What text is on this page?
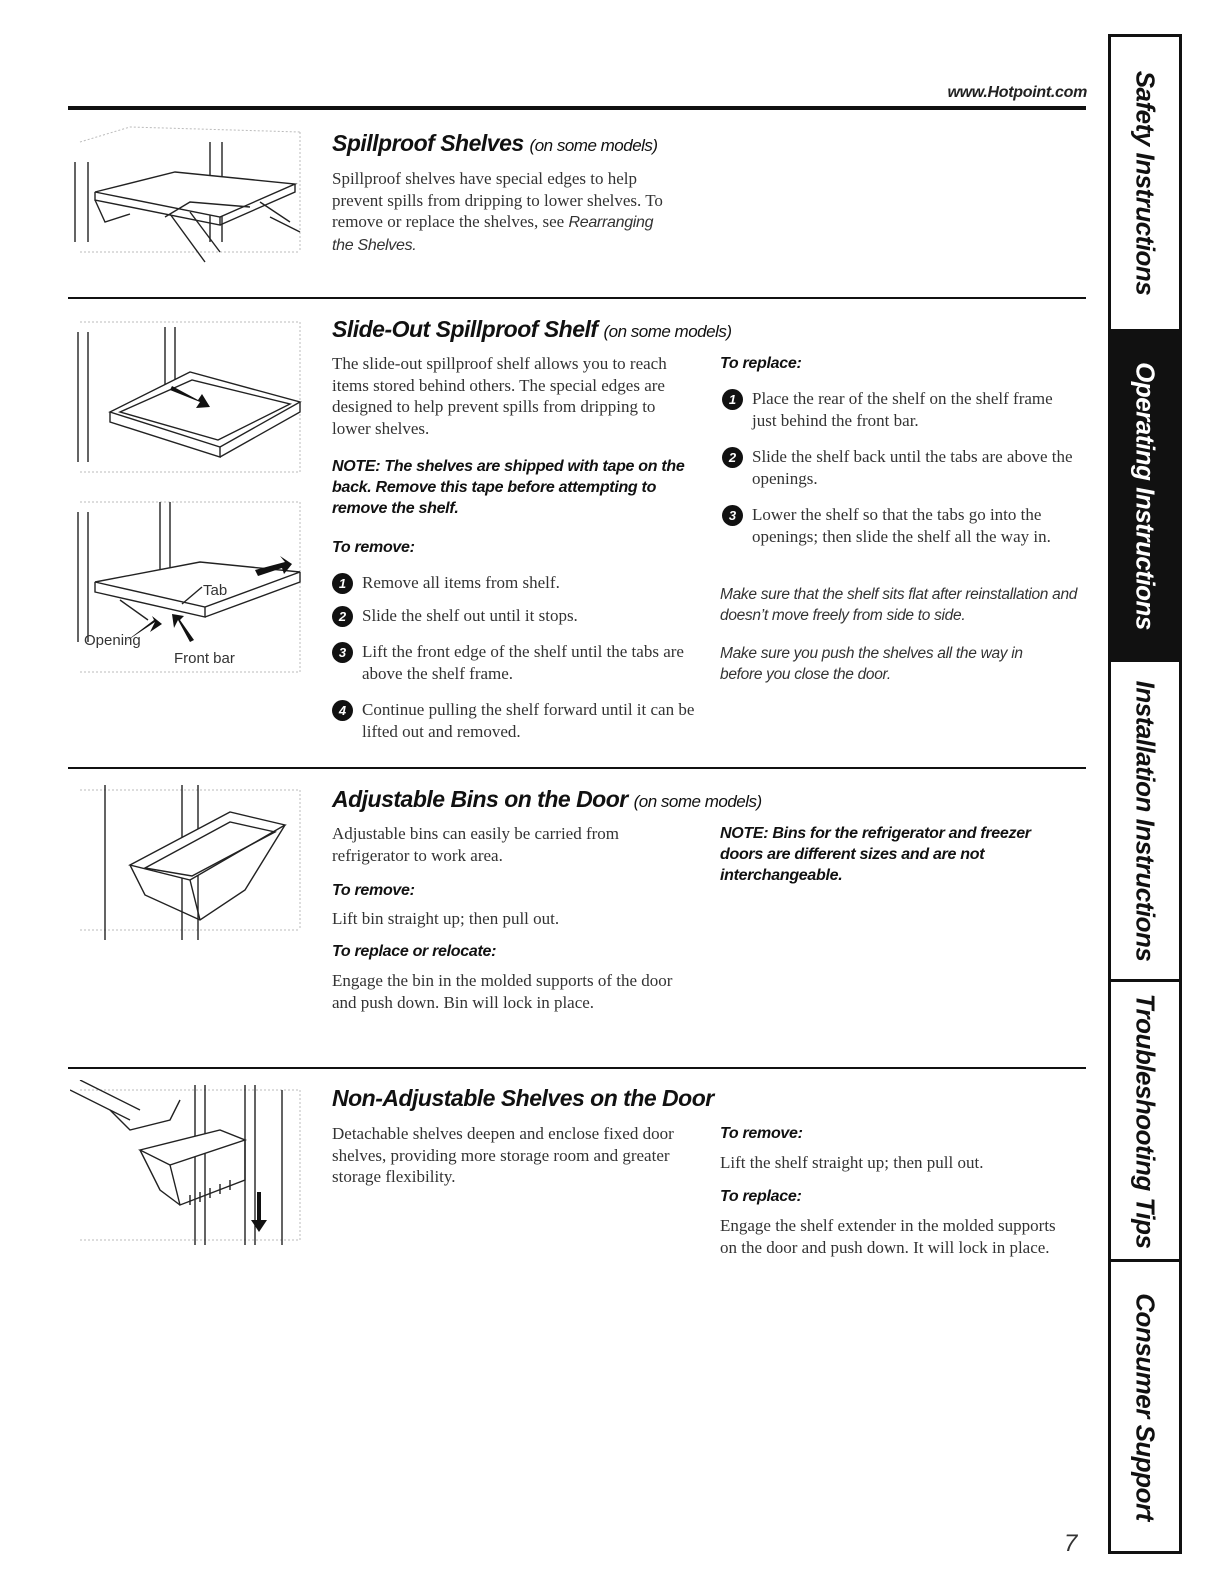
www.Hotpoint.com
Spillproof Shelves (on some models)
Spillproof shelves have special edges to help prevent spills from dripping to lower shelves. To remove or replace the shelves, see Rearranging the Shelves.
Tab
Opening
Front bar
Slide-Out Spillproof Shelf (on some models)
The slide-out spillproof shelf allows you to reach items stored behind others. The special edges are designed to help prevent spills from dripping to lower shelves.
NOTE: The shelves are shipped with tape on the back. Remove this tape before attempting to remove the shelf.
To remove:
1 Remove all items from shelf.
2 Slide the shelf out until it stops.
3 Lift the front edge of the shelf until the tabs are above the shelf frame.
4 Continue pulling the shelf forward until it can be lifted out and removed.
To replace:
1 Place the rear of the shelf on the shelf frame just behind the front bar.
2 Slide the shelf back until the tabs are above the openings.
3 Lower the shelf so that the tabs go into the openings; then slide the shelf all the way in.
Make sure that the shelf sits flat after reinstallation and doesn’t move freely from side to side.
Make sure you push the shelves all the way in before you close the door.
Adjustable Bins on the Door (on some models)
Adjustable bins can easily be carried from refrigerator to work area.
To remove:
Lift bin straight up; then pull out.
To replace or relocate:
Engage the bin in the molded supports of the door and push down. Bin will lock in place.
NOTE: Bins for the refrigerator and freezer doors are different sizes and are not interchangeable.
Non-Adjustable Shelves on the Door
Detachable shelves deepen and enclose fixed door shelves, providing more storage room and greater storage flexibility.
To remove:
Lift the shelf straight up; then pull out.
To replace:
Engage the shelf extender in the molded supports on the door and push down. It will lock in place.
Safety Instructions
Operating Instructions
Installation Instructions
Troubleshooting Tips
Consumer Support
7
